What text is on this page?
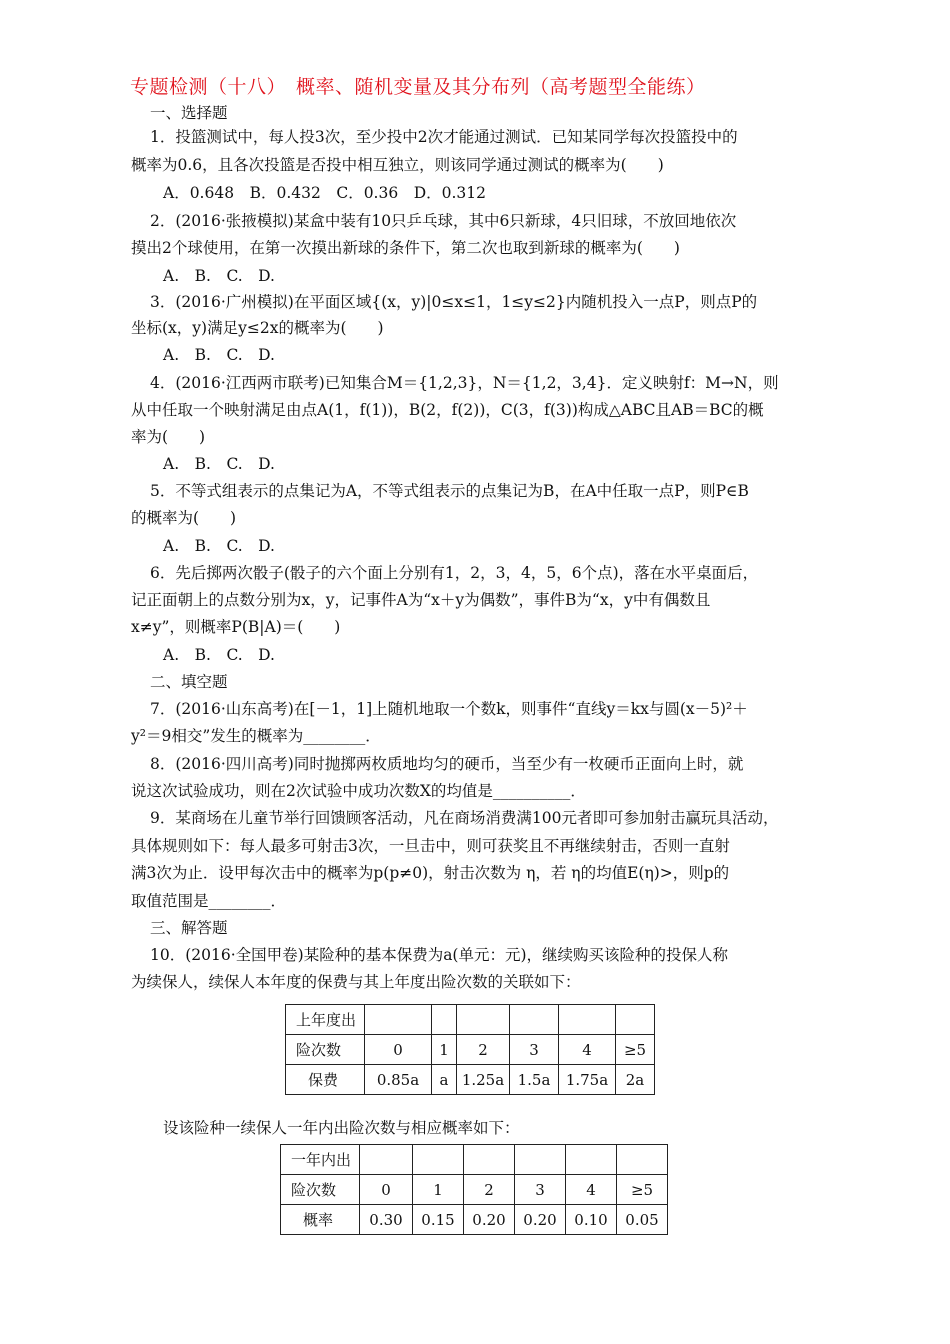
专题检测（十八）　概率、随机变量及其分布列（高考题型全能练）
一、选择题
1．投篮测试中，每人投3次，至少投中2次才能通过测试．已知某同学每次投篮投中的
概率为0.6，且各次投篮是否投中相互独立，则该同学通过测试的概率为(　　)
A．0.648　B．0.432　C．0.36　D．0.312
2．(2016·张掖模拟)某盒中装有10只乒乓球，其中6只新球，4只旧球，不放回地依次
摸出2个球使用，在第一次摸出新球的条件下，第二次也取到新球的概率为(　　)
A.　B.　C.　D.
3．(2016·广州模拟)在平面区域{(x，y)|0≤x≤1，1≤y≤2}内随机投入一点P，则点P的
坐标(x，y)满足y≤2x的概率为(　　)
A.　B.　C.　D.
4．(2016·江西两市联考)已知集合M＝{1,2,3}，N＝{1,2，3,4}．定义映射f：M→N，则
从中任取一个映射满足由点A(1，f(1))，B(2，f(2))，C(3，f(3))构成△ABC且AB＝BC的概
率为(　　)
A.　B.　C.　D.
5．不等式组表示的点集记为A，不等式组表示的点集记为B，在A中任取一点P，则P∈B
的概率为(　　)
A.　B.　C.　D.
6．先后掷两次骰子(骰子的六个面上分别有1，2，3，4，5，6个点)，落在水平桌面后，
记正面朝上的点数分别为x，y，记事件A为“x＋y为偶数”，事件B为“x，y中有偶数且
x≠y”，则概率P(B|A)＝(　　)
A.　B.　C.　D.
二、填空题
7．(2016·山东高考)在[－1，1]上随机地取一个数k，则事件“直线y＝kx与圆(x－5)²＋
y²＝9相交”发生的概率为________．
8．(2016·四川高考)同时抛掷两枚质地均匀的硬币，当至少有一枚硬币正面向上时，就
说这次试验成功，则在2次试验中成功次数X的均值是__________．
9．某商场在儿童节举行回馈顾客活动，凡在商场消费满100元者即可参加射击赢玩具活动，
具体规则如下：每人最多可射击3次，一旦击中，则可获奖且不再继续射击，否则一直射
满3次为止．设甲每次击中的概率为p(p≠0)，射击次数为 η，若 η的均值E(η)>，则p的
取值范围是________．
三、解答题
10．(2016·全国甲卷)某险种的基本保费为a(单元：元)，继续购买该险种的投保人称
为续保人，续保人本年度的保费与其上年度出险次数的关联如下：
上年度出						
险次数	0	1	2	3	4	≥5
保费	0.85a	a	1.25a	1.5a	1.75a	2a
设该险种一续保人一年内出险次数与相应概率如下：
一年内出						
险次数	0	1	2	3	4	≥5
概率	0.30	0.15	0.20	0.20	0.10	0.05
